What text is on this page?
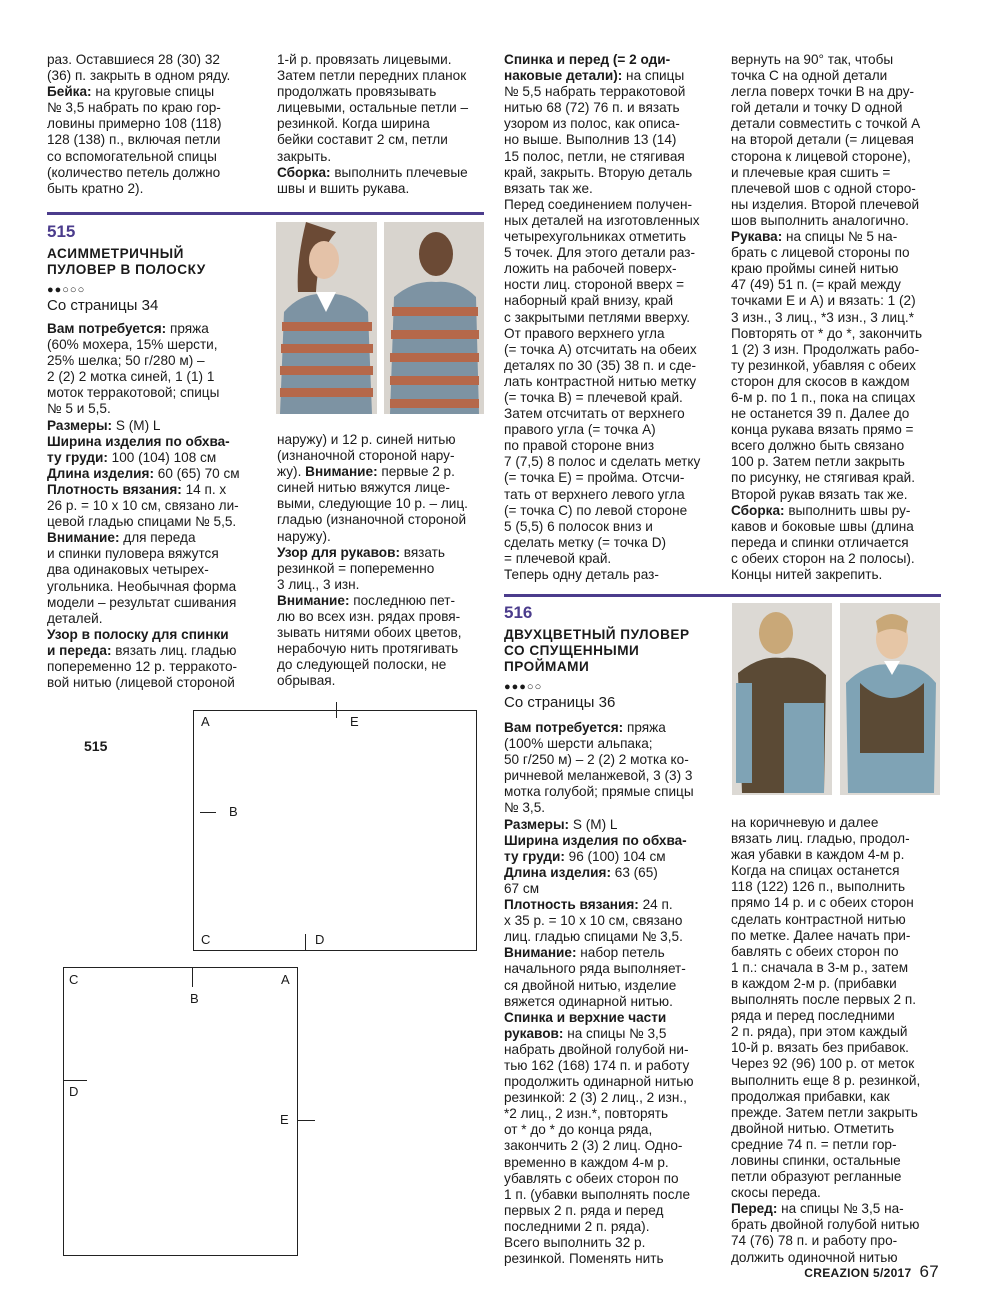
раз. Оставшиеся 28 (30) 32

(36) п. закрыть в одном ряду.

Бейка: на круговые спицы

№ 3,5 набрать по краю гор-

ловины примерно 108 (118)

128 (138) п., включая петли

со вспомогательной спицы

(количество петель должно

быть кратно 2).

1-й р. провязать лицевыми.

Затем петли передних планок

продолжать провязывать

лицевыми, остальные петли –

резинкой. Когда ширина

бейки составит 2 см, петли

закрыть.

Сборка: выполнить плечевые

швы и вшить рукава.

515

АСИММЕТРИЧНЫЙ

ПУЛОВЕР В ПОЛОСКУ

●●○○○

Со страницы 34

Вам потребуется: пряжа

(60% мохера, 15% шерсти,

25% шелка; 50 г/280 м) –

2 (2) 2 мотка синей, 1 (1) 1

моток терракотовой; спицы

№ 5 и 5,5.

Размеры: S (M) L

Ширина изделия по обхва-

ту груди: 100 (104) 108 см

Длина изделия: 60 (65) 70 см

Плотность вязания: 14 п. х

26 р. = 10 х 10 см, связано ли-

цевой гладью спицами № 5,5.

Внимание: для переда

и спинки пуловера вяжутся

два одинаковых четырех-

угольника. Необычная форма

модели – результат сшивания

деталей.

Узор в полоску для спинки

и переда: вязать лиц. гладью

попеременно 12 р. терракото-

вой нитью (лицевой стороной

наружу) и 12 р. синей нитью

(изнаночной стороной нару-

жу). Внимание: первые 2 р.

синей нитью вяжутся лице-

выми, следующие 10 р. – лиц.

гладью (изнаночной стороной

наружу).

Узор для рукавов: вязать

резинкой = попеременно

3 лиц., 3 изн.

Внимание: последнюю пет-

лю во всех изн. рядах провя-

зывать нитями обоих цветов,

нерабочую нить протягивать

до следующей полоски, не

обрывая.

515
A	E
B
C	D
C
B
A
D
E

Спинка и перед (= 2 оди-

наковые детали): на спицы

№ 5,5 набрать терракотовой

нитью 68 (72) 76 п. и вязать

узором из полос, как описа-

но выше. Выполнив 13 (14)

15 полос, петли, не стягивая

край, закрыть. Вторую деталь

вязать так же.

Перед соединением получен-

ных деталей на изготовленных

четырехугольниках отметить

5 точек. Для этого детали раз-

ложить на рабочей поверх-

ности лиц. стороной вверх =

наборный край внизу, край

с закрытыми петлями вверху.

От правого верхнего угла

(= точка А) отсчитать на обеих

деталях по 30 (35) 38 п. и сде-

лать контрастной нитью метку

(= точка В) = плечевой край.

Затем отсчитать от верхнего

правого угла (= точка А)

по правой стороне вниз

7 (7,5) 8 полос и сделать метку

(= точка Е) = пройма. Отсчи-

тать от верхнего левого угла

(= точка С) по левой стороне

5 (5,5) 6 полосок вниз и

сделать метку (= точка D)

= плечевой край.

Теперь одну деталь раз-

вернуть на 90° так, чтобы

точка С на одной детали

легла поверх точки В на дру-

гой детали и точку D одной

детали совместить с точкой А

на второй детали (= лицевая

сторона к лицевой стороне),

и плечевые края сшить =

плечевой шов с одной сторо-

ны изделия. Второй плечевой

шов выполнить аналогично.

Рукава: на спицы № 5 на-

брать с лицевой стороны по

краю проймы синей нитью

47 (49) 51 п. (= край между

точками Е и А) и вязать: 1 (2)

3 изн., 3 лиц., *3 изн., 3 лиц.*

Повторять от * до *, закончить

1 (2) 3 изн. Продолжать рабо-

ту резинкой, убавляя с обеих

сторон для скосов в каждом

6-м р. по 1 п., пока на спицах

не останется 39 п. Далее до

конца рукава вязать прямо =

всего должно быть связано

100 р. Затем петли закрыть

по рисунку, не стягивая край.

Второй рукав вязать так же.

Сборка: выполнить швы ру-

кавов и боковые швы (длина

переда и спинки отличается

с обеих сторон на 2 полосы).

Концы нитей закрепить.

516

ДВУХЦВЕТНЫЙ ПУЛОВЕР

СО СПУЩЕННЫМИ

ПРОЙМАМИ

●●●○○

Со страницы 36

Вам потребуется: пряжа

(100% шерсти альпака;

50 г/250 м) – 2 (2) 2 мотка ко-

ричневой меланжевой, 3 (3) 3

мотка голубой; прямые спицы

№ 3,5.

Размеры: S (M) L

Ширина изделия по обхва-

ту груди: 96 (100) 104 см

Длина изделия: 63 (65)

67 см

Плотность вязания: 24 п.

х 35 р. = 10 х 10 см, связано

лиц. гладью спицами № 3,5.

Внимание: набор петель

начального ряда выполняет-

ся двойной нитью, изделие

вяжется одинарной нитью.

Спинка и верхние части

рукавов: на спицы № 3,5

набрать двойной голубой ни-

тью 162 (168) 174 п. и работу

продолжить одинарной нитью

резинкой: 2 (3) 2 лиц., 2 изн.,

*2 лиц., 2 изн.*, повторять

от * до * до конца ряда,

закончить 2 (3) 2 лиц. Одно-

временно в каждом 4-м р.

убавлять с обеих сторон по

1 п. (убавки выполнять после

первых 2 п. ряда и перед

последними 2 п. ряда).

Всего выполнить 32 р.

резинкой. Поменять нить

на коричневую и далее

вязать лиц. гладью, продол-

жая убавки в каждом 4-м р.

Когда на спицах останется

118 (122) 126 п., выполнить

прямо 14 р. и с обеих сторон

сделать контрастной нитью

по метке. Далее начать при-

бавлять с обеих сторон по

1 п.: сначала в 3-м р., затем

в каждом 2-м р. (прибавки

выполнять после первых 2 п.

ряда и перед последними

2 п. ряда), при этом каждый

10-й р. вязать без прибавок.

Через 92 (96) 100 р. от меток

выполнить еще 8 р. резинкой,

продолжая прибавки, как

прежде. Затем петли закрыть

двойной нитью. Отметить

средние 74 п. = петли гор-

ловины спинки, остальные

петли образуют регланные

скосы переда.

Перед: на спицы № 3,5 на-

брать двойной голубой нитью

74 (76) 78 п. и работу про-

должить одиночной нитью

CREAZION 5/2017 67
